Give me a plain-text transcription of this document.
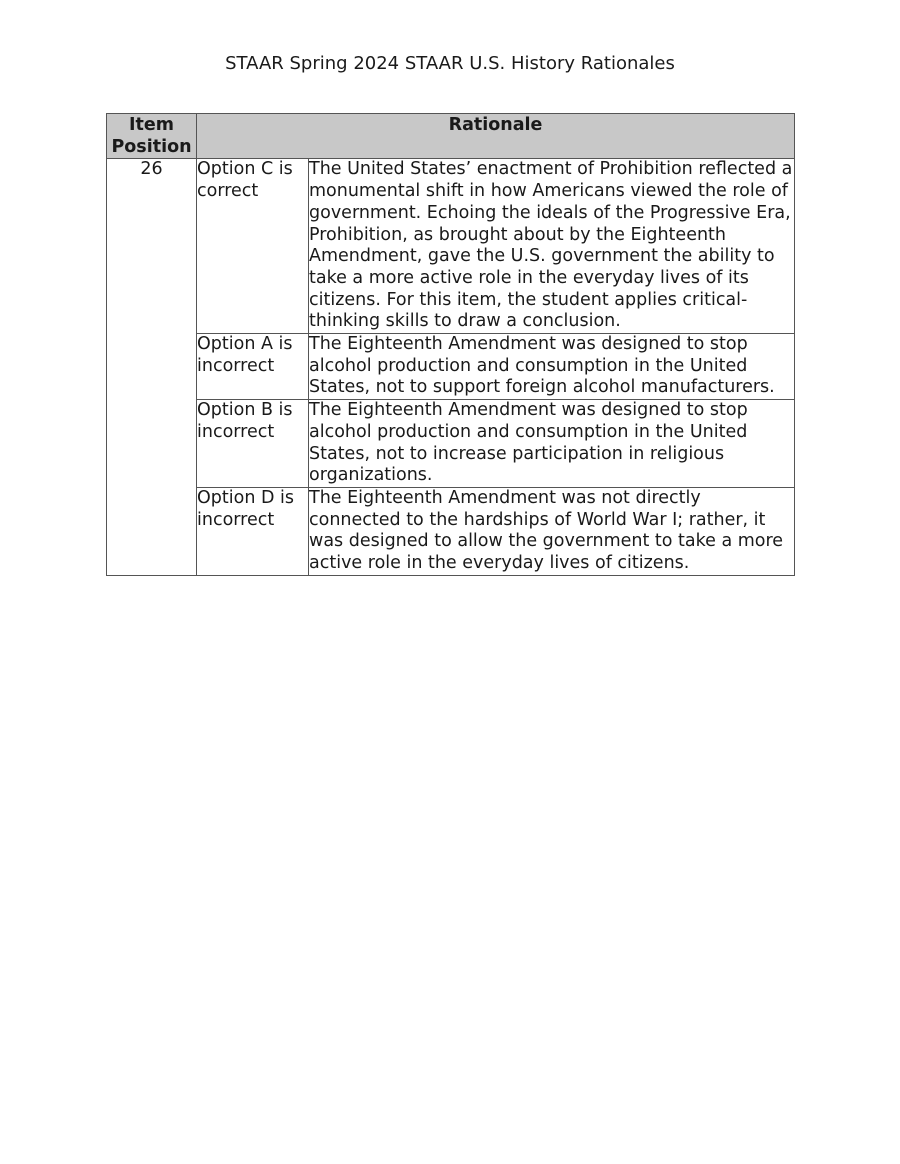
STAAR Spring 2024 STAAR U.S. History Rationales
Item
Position	Rationale	
26	Option C is correct	The United States’ enactment of Prohibition reflected a monumental shift in how Americans viewed the role of government. Echoing the ideals of the Progressive Era, Prohibition, as brought about by the Eighteenth Amendment, gave the U.S. government the ability to take a more active role in the everyday lives of its citizens. For this item, the student applies critical-thinking skills to draw a conclusion.
	Option A is incorrect	The Eighteenth Amendment was designed to stop alcohol production and consumption in the United States, not to support foreign alcohol manufacturers.
	Option B is incorrect	The Eighteenth Amendment was designed to stop alcohol production and consumption in the United States, not to increase participation in religious organizations.
	Option D is incorrect	The Eighteenth Amendment was not directly connected to the hardships of World War I; rather, it was designed to allow the government to take a more active role in the everyday lives of citizens.
